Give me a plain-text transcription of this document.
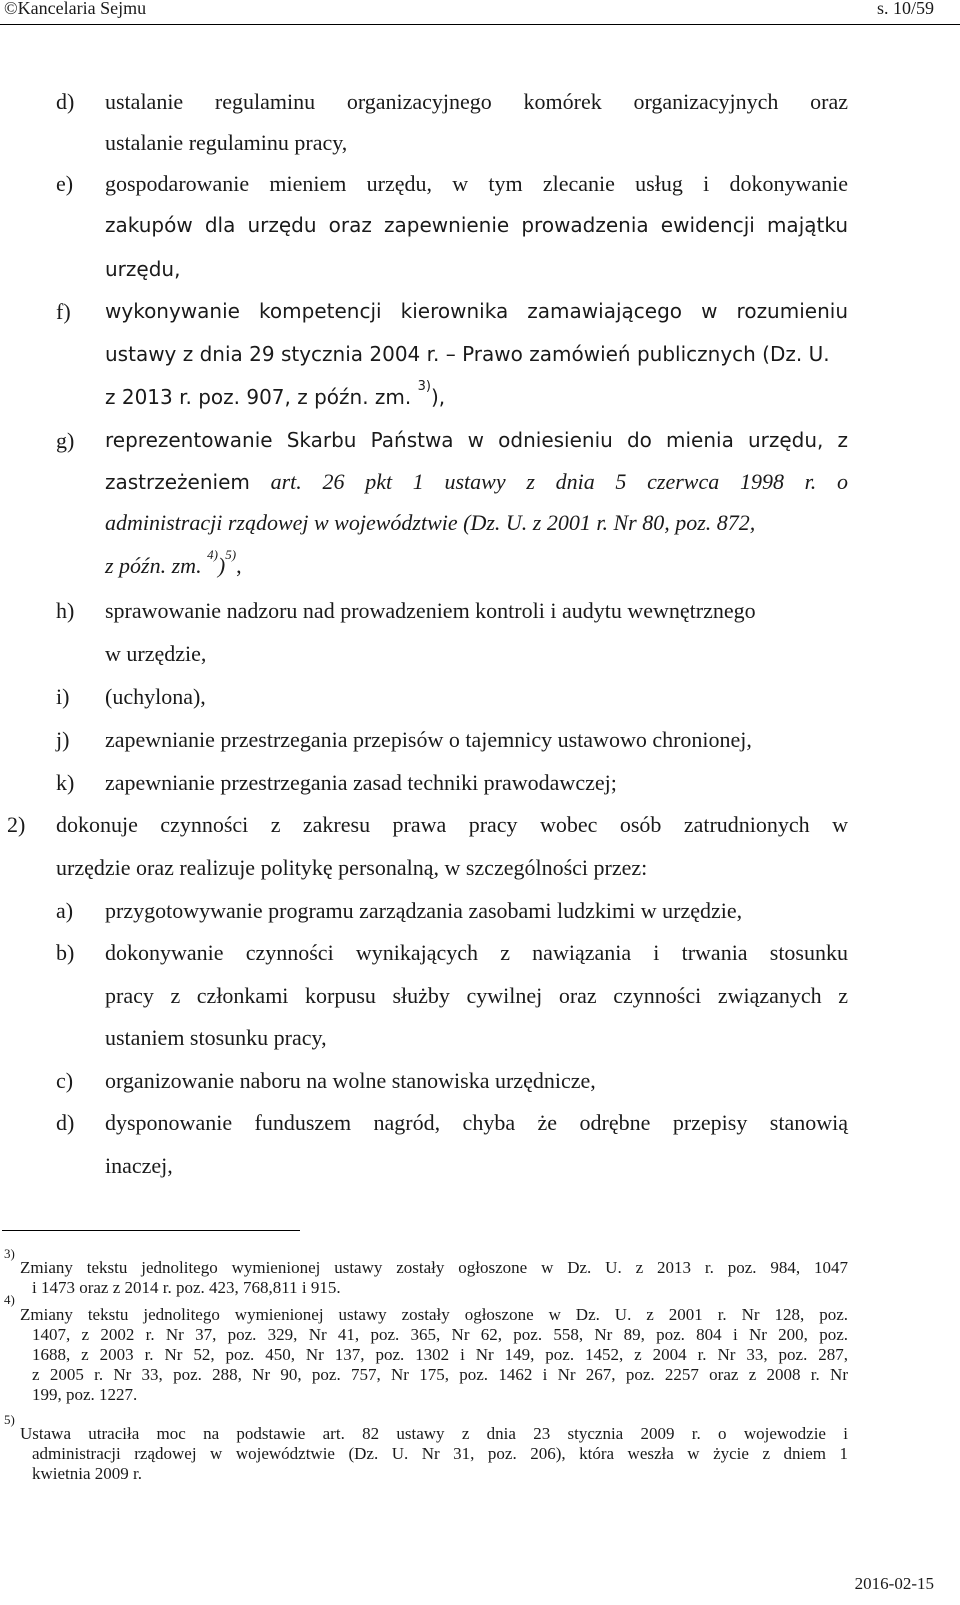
©Kancelaria Sejmu	s. 10/59
d) ustalanie regulaminu organizacyjnego komórek organizacyjnych oraz
ustalanie regulaminu pracy,
e) gospodarowanie mieniem urzędu, w tym zlecanie usług i dokonywanie
zakupów dla urzędu oraz zapewnienie prowadzenia ewidencji majątku
urzędu,
f) wykonywanie kompetencji kierownika zamawiającego w rozumieniu
ustawy z dnia 29 stycznia 2004 r. – Prawo zamówień publicznych (Dz. U.
z 2013 r. poz. 907, z późn. zm. $^{3)}$),
g) reprezentowanie Skarbu Państwa w odniesieniu do mienia urzędu, z
zastrzeżeniem art. 26 pkt 1 ustawy z dnia 5 czerwca 1998 r. o
administracji rządowej w województwie (Dz. U. z 2001 r. Nr 80, poz. 872,
z późn. zm. $^{4)}$)$^{5)}$,
h) sprawowanie nadzoru nad prowadzeniem kontroli i audytu wewnętrznego
w urzędzie,
i) (uchylona),
j) zapewnianie przestrzegania przepisów o tajemnicy ustawowo chronionej,
k) zapewnianie przestrzegania zasad techniki prawodawczej;
2) dokonuje czynności z zakresu prawa pracy wobec osób zatrudnionych w
urzędzie oraz realizuje politykę personalną, w szczególności przez:
a) przygotowywanie programu zarządzania zasobami ludzkimi w urzędzie,
b) dokonywanie czynności wynikających z nawiązania i trwania stosunku
pracy z członkami korpusu służby cywilnej oraz czynności związanych z
ustaniem stosunku pracy,
c) organizowanie naboru na wolne stanowiska urzędnicze,
d) dysponowanie funduszem nagród, chyba że odrębne przepisy stanowią
inaczej,
$^{3)}$
Zmiany tekstu jednolitego wymienionej ustawy zostały ogłoszone w Dz. U. z 2013 r. poz. 984, 1047
i 1473 oraz z 2014 r. poz. 423, 768,811 i 915.
$^{4)}$
Zmiany tekstu jednolitego wymienionej ustawy zostały ogłoszone w Dz. U. z 2001 r. Nr 128, poz.
1407, z 2002 r. Nr 37, poz. 329, Nr 41, poz. 365, Nr 62, poz. 558, Nr 89, poz. 804 i Nr 200, poz.
1688, z 2003 r. Nr 52, poz. 450, Nr 137, poz. 1302 i Nr 149, poz. 1452, z 2004 r. Nr 33, poz. 287,
z 2005 r. Nr 33, poz. 288, Nr 90, poz. 757, Nr 175, poz. 1462 i Nr 267, poz. 2257 oraz z 2008 r. Nr
199, poz. 1227.
$^{5)}$
Ustawa utraciła moc na podstawie art. 82 ustawy z dnia 23 stycznia 2009 r. o wojewodzie i
administracji rządowej w województwie (Dz. U. Nr 31, poz. 206), która weszła w życie z dniem 1
kwietnia 2009 r.
2016-02-15
